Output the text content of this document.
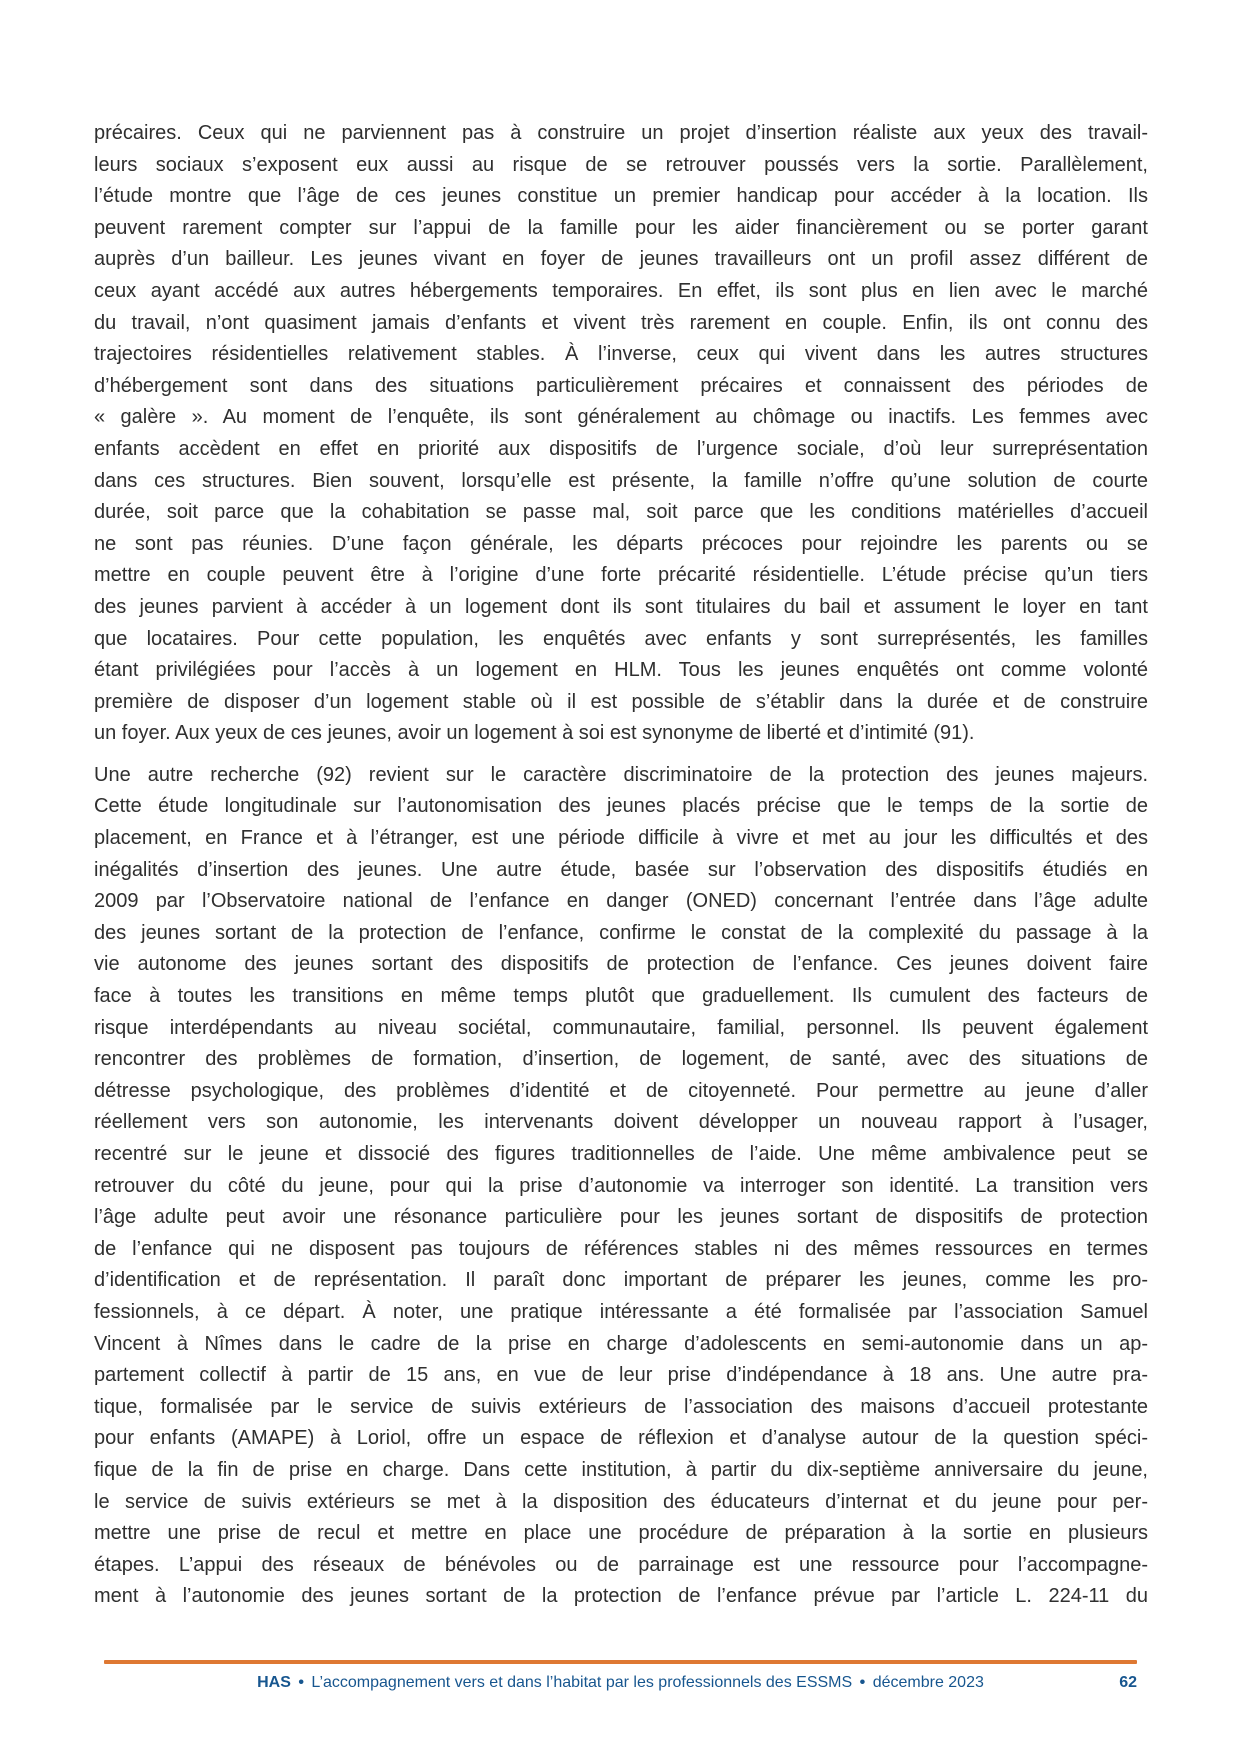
précaires. Ceux qui ne parviennent pas à construire un projet d’insertion réaliste aux yeux des travail-
leurs sociaux s’exposent eux aussi au risque de se retrouver poussés vers la sortie. Parallèlement,
l’étude montre que l’âge de ces jeunes constitue un premier handicap pour accéder à la location. Ils
peuvent rarement compter sur l’appui de la famille pour les aider financièrement ou se porter garant
auprès d’un bailleur. Les jeunes vivant en foyer de jeunes travailleurs ont un profil assez différent de
ceux ayant accédé aux autres hébergements temporaires. En effet, ils sont plus en lien avec le marché
du travail, n’ont quasiment jamais d’enfants et vivent très rarement en couple. Enfin, ils ont connu des
trajectoires résidentielles relativement stables. À l’inverse, ceux qui vivent dans les autres structures
d’hébergement sont dans des situations particulièrement précaires et connaissent des périodes de
« galère ». Au moment de l’enquête, ils sont généralement au chômage ou inactifs. Les femmes avec
enfants accèdent en effet en priorité aux dispositifs de l’urgence sociale, d’où leur surreprésentation
dans ces structures. Bien souvent, lorsqu’elle est présente, la famille n’offre qu’une solution de courte
durée, soit parce que la cohabitation se passe mal, soit parce que les conditions matérielles d’accueil
ne sont pas réunies. D’une façon générale, les départs précoces pour rejoindre les parents ou se
mettre en couple peuvent être à l’origine d’une forte précarité résidentielle. L’étude précise qu’un tiers
des jeunes parvient à accéder à un logement dont ils sont titulaires du bail et assument le loyer en tant
que locataires. Pour cette population, les enquêtés avec enfants y sont surreprésentés, les familles
étant privilégiées pour l’accès à un logement en HLM. Tous les jeunes enquêtés ont comme volonté
première de disposer d’un logement stable où il est possible de s’établir dans la durée et de construire
un foyer. Aux yeux de ces jeunes, avoir un logement à soi est synonyme de liberté et d’intimité (91).
Une autre recherche (92) revient sur le caractère discriminatoire de la protection des jeunes majeurs.
Cette étude longitudinale sur l’autonomisation des jeunes placés précise que le temps de la sortie de
placement, en France et à l’étranger, est une période difficile à vivre et met au jour les difficultés et des
inégalités d’insertion des jeunes. Une autre étude, basée sur l’observation des dispositifs étudiés en
2009 par l’Observatoire national de l’enfance en danger (ONED) concernant l’entrée dans l’âge adulte
des jeunes sortant de la protection de l’enfance, confirme le constat de la complexité du passage à la
vie autonome des jeunes sortant des dispositifs de protection de l’enfance. Ces jeunes doivent faire
face à toutes les transitions en même temps plutôt que graduellement. Ils cumulent des facteurs de
risque interdépendants au niveau sociétal, communautaire, familial, personnel. Ils peuvent également
rencontrer des problèmes de formation, d’insertion, de logement, de santé, avec des situations de
détresse psychologique, des problèmes d’identité et de citoyenneté. Pour permettre au jeune d’aller
réellement vers son autonomie, les intervenants doivent développer un nouveau rapport à l’usager,
recentré sur le jeune et dissocié des figures traditionnelles de l’aide. Une même ambivalence peut se
retrouver du côté du jeune, pour qui la prise d’autonomie va interroger son identité. La transition vers
l’âge adulte peut avoir une résonance particulière pour les jeunes sortant de dispositifs de protection
de l’enfance qui ne disposent pas toujours de références stables ni des mêmes ressources en termes
d’identification et de représentation. Il paraît donc important de préparer les jeunes, comme les pro-
fessionnels, à ce départ. À noter, une pratique intéressante a été formalisée par l’association Samuel
Vincent à Nîmes dans le cadre de la prise en charge d’adolescents en semi-autonomie dans un ap-
partement collectif à partir de 15 ans, en vue de leur prise d’indépendance à 18 ans. Une autre pra-
tique, formalisée par le service de suivis extérieurs de l’association des maisons d’accueil protestante
pour enfants (AMAPE) à Loriol, offre un espace de réflexion et d’analyse autour de la question spéci-
fique de la fin de prise en charge. Dans cette institution, à partir du dix-septième anniversaire du jeune,
le service de suivis extérieurs se met à la disposition des éducateurs d’internat et du jeune pour per-
mettre une prise de recul et mettre en place une procédure de préparation à la sortie en plusieurs
étapes. L’appui des réseaux de bénévoles ou de parrainage est une ressource pour l’accompagne-
ment à l’autonomie des jeunes sortant de la protection de l’enfance prévue par l’article L. 224-11 du
HAS • L’accompagnement vers et dans l’habitat par les professionnels des ESSMS • décembre 2023	62
